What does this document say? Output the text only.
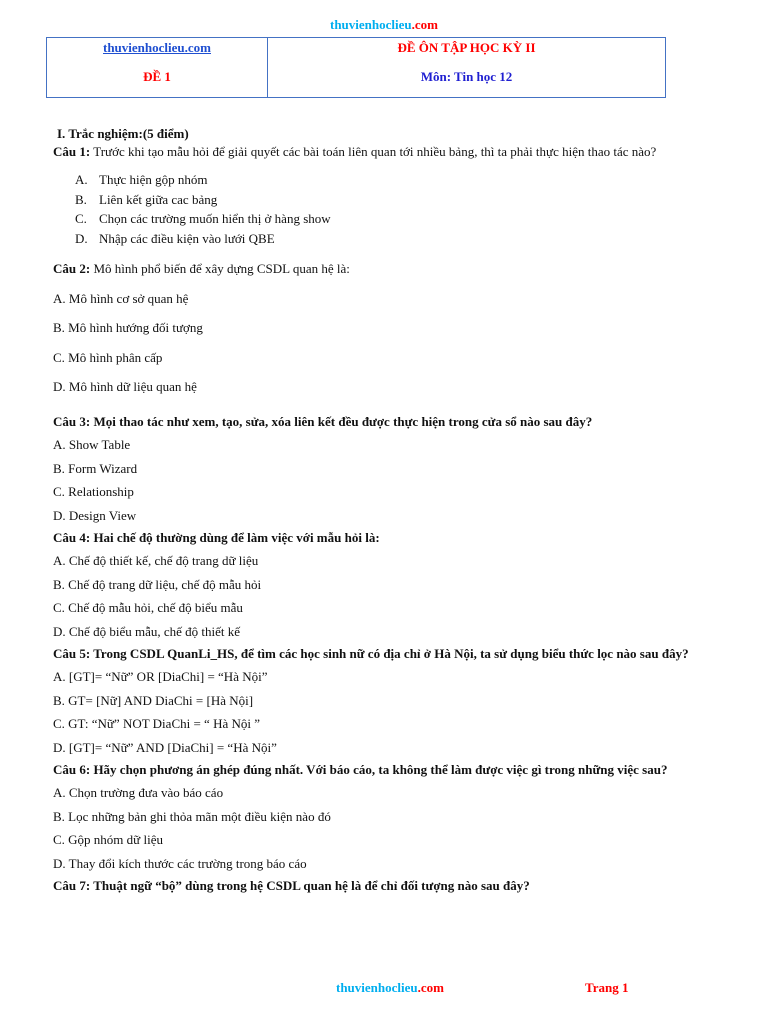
thuvienhoclieu.com
thuvienhoclieu.com
ĐỀ 1
ĐỀ ÔN TẬP HỌC KỲ II
Môn: Tin học 12
I. Trắc nghiệm:(5 điểm)
Câu 1: Trước khi tạo mẫu hỏi để giải quyết các bài toán liên quan tới nhiều bảng, thì ta phải thực hiện thao tác nào?
A. Thực hiện gộp nhóm
B. Liên kết giữa cac bảng
C. Chọn các trường muốn hiển thị ở hàng show
D. Nhập các điều kiện vào lưới QBE
Câu 2: Mô hình phổ biến để xây dựng CSDL quan hệ là:
A. Mô hình cơ sở quan hệ
B. Mô hình hướng đối tượng
C. Mô hình phân cấp
D. Mô hình dữ liệu quan hệ
Câu 3: Mọi thao tác như xem, tạo, sửa, xóa liên kết đều được thực hiện trong cửa sổ nào sau đây?
A. Show Table
B. Form Wizard
C. Relationship
D. Design View
Câu 4: Hai chế độ thường dùng để làm việc với mẫu hỏi là:
A. Chế độ thiết kế, chế độ trang dữ liệu
B. Chế độ trang dữ liệu, chế độ mẫu hỏi
C. Chế độ mẫu hỏi, chế độ biểu mẫu
D. Chế độ biểu mẫu, chế độ thiết kế
Câu 5: Trong CSDL QuanLi_HS, để tìm các học sinh nữ có địa chỉ ở Hà Nội, ta sử dụng biểu thức lọc nào sau đây?
A. [GT]= “Nữ” OR [DiaChi] = “Hà Nội”
B. GT= [Nữ] AND DiaChi = [Hà Nội]
C. GT: “Nữ” NOT DiaChi = “ Hà Nội ”
D. [GT]= “Nữ” AND [DiaChi] = “Hà Nội”
Câu 6: Hãy chọn phương án ghép đúng nhất. Với báo cáo, ta không thể làm được việc gì trong những việc sau?
A. Chọn trường đưa vào báo cáo
B. Lọc những bản ghi thỏa mãn một điều kiện nào đó
C. Gộp nhóm dữ liệu
D. Thay đổi kích thước các trường trong báo cáo
Câu 7: Thuật ngữ “bộ” dùng trong hệ CSDL quan hệ là để chỉ đối tượng nào sau đây?
thuvienhoclieu.com	Trang 1
